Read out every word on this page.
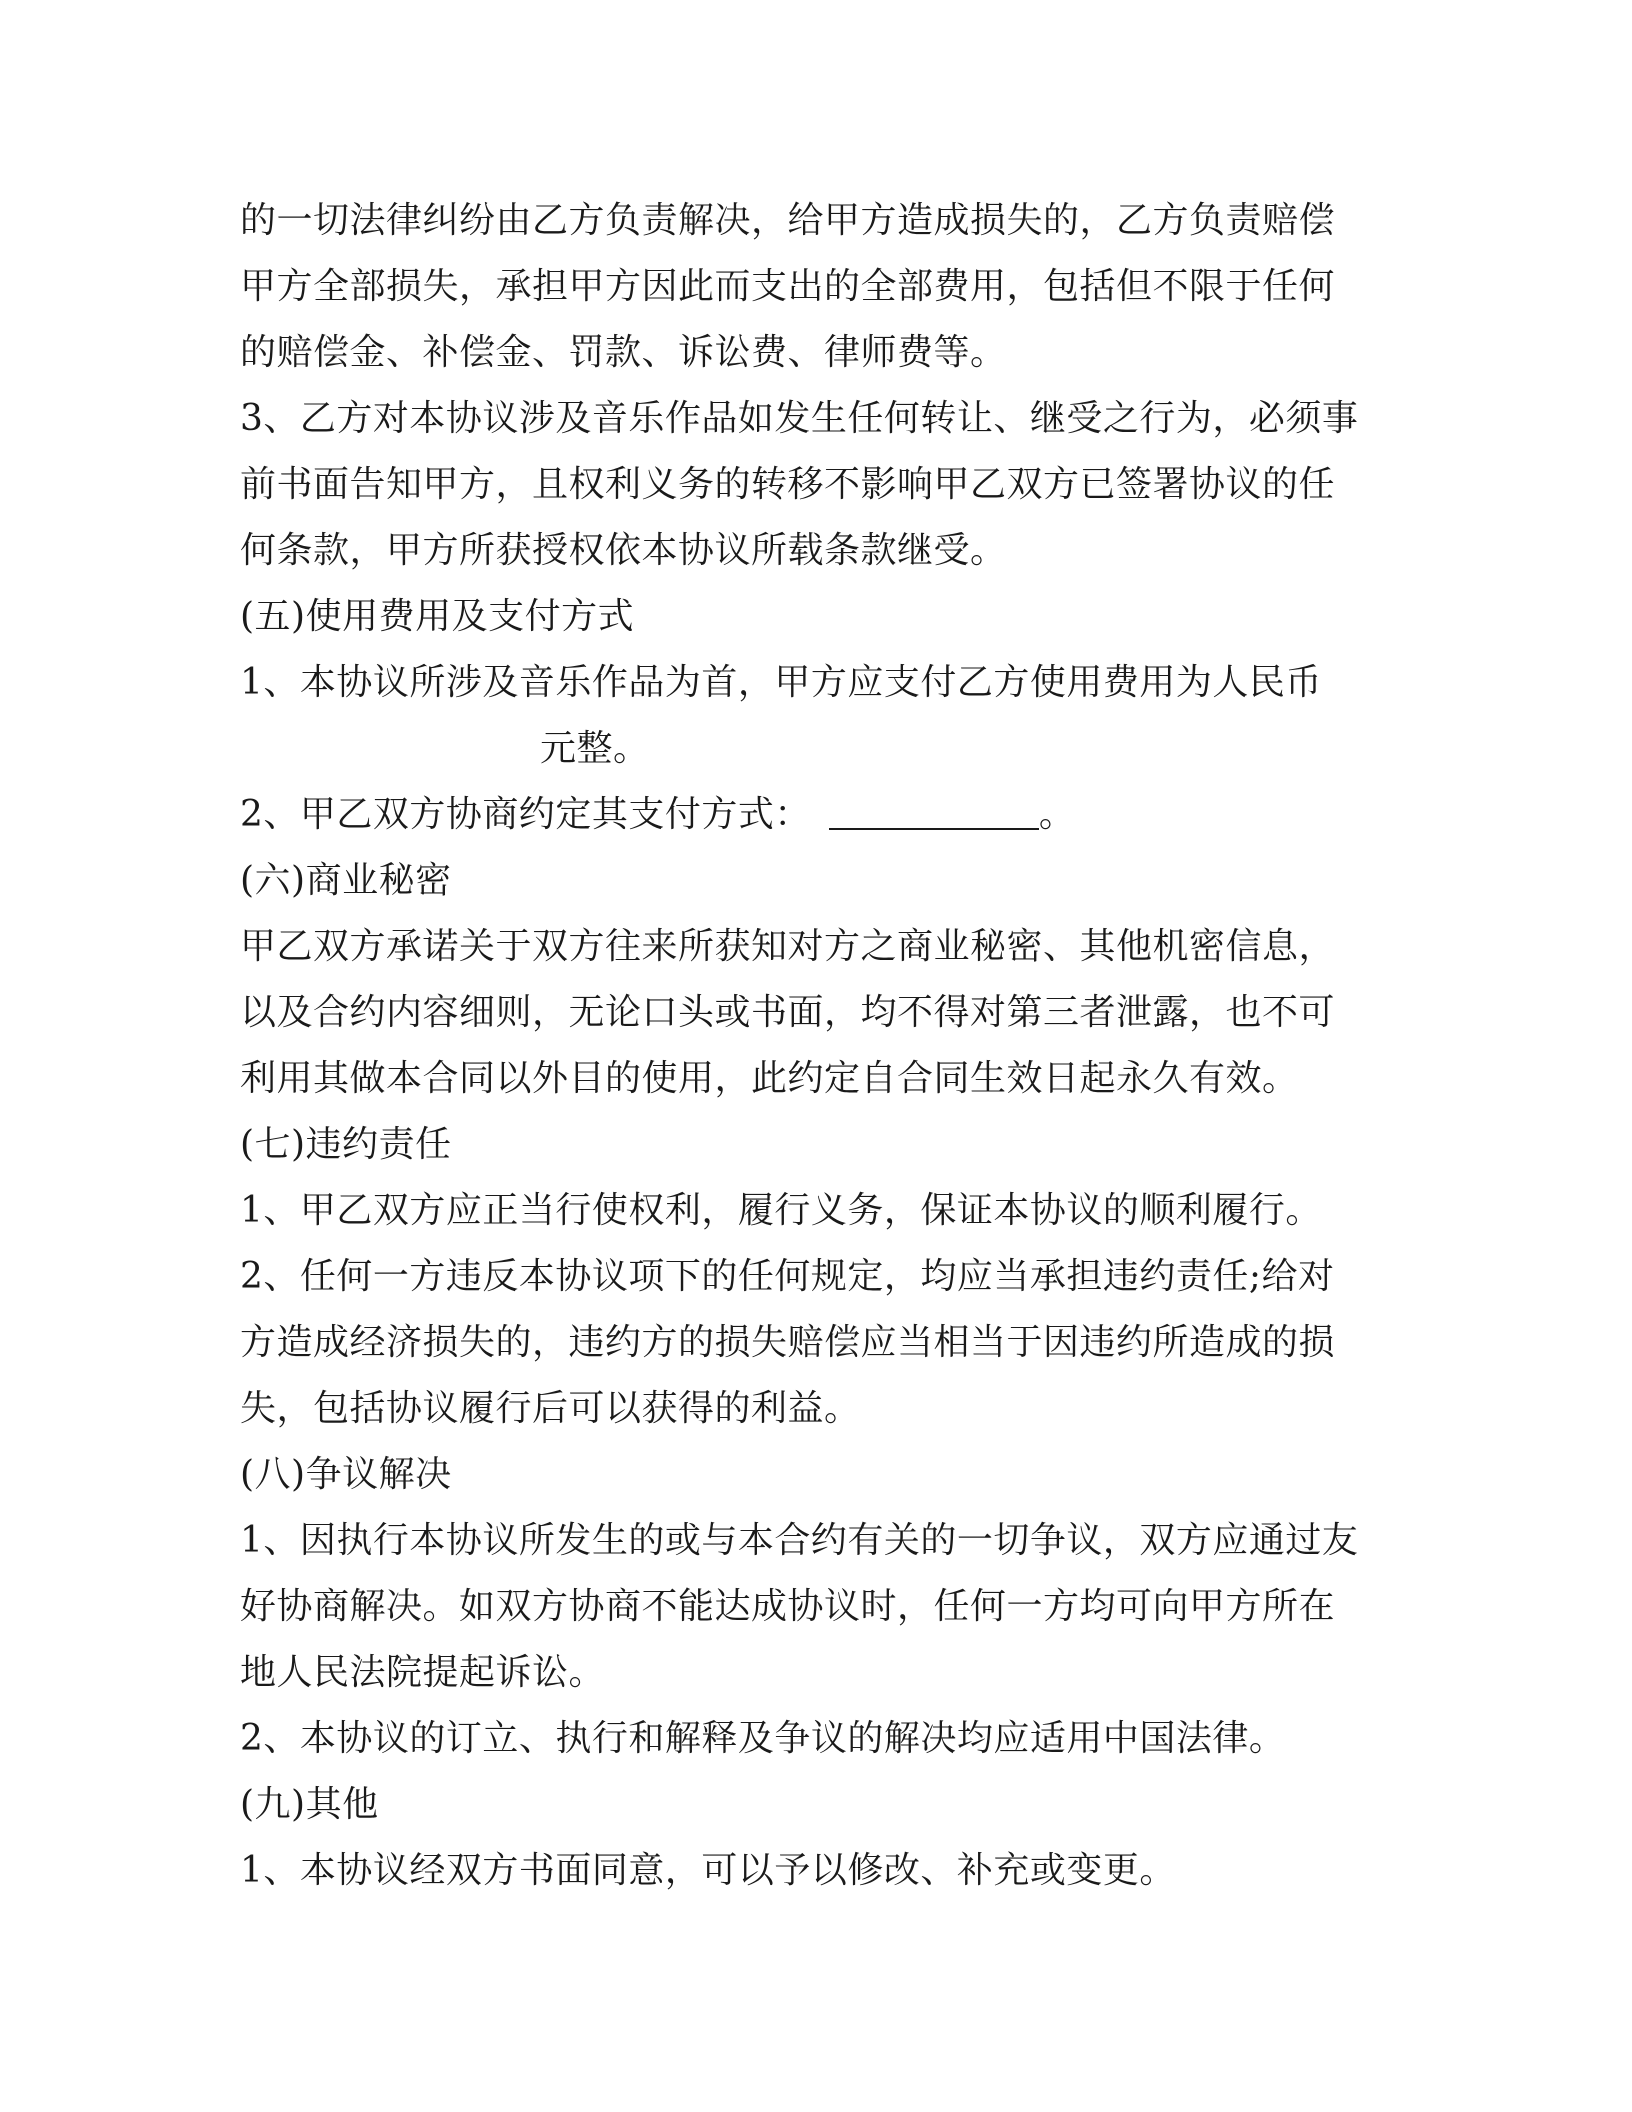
的一切法律纠纷由乙方负责解决，给甲方造成损失的，乙方负责赔偿
甲方全部损失，承担甲方因此而支出的全部费用，包括但不限于任何
的赔偿金、补偿金、罚款、诉讼费、律师费等。
3、乙方对本协议涉及音乐作品如发生任何转让、继受之行为，必须事
前书面告知甲方，且权利义务的转移不影响甲乙双方已签署协议的任
何条款，甲方所获授权依本协议所载条款继受。
(五)使用费用及支付方式
1、本协议所涉及音乐作品为首，甲方应支付乙方使用费用为人民币
元整。
2、甲乙双方协商约定其支付方式：	。
(六)商业秘密
甲乙双方承诺关于双方往来所获知对方之商业秘密、其他机密信息，
以及合约内容细则，无论口头或书面，均不得对第三者泄露，也不可
利用其做本合同以外目的使用，此约定自合同生效日起永久有效。
(七)违约责任
1、甲乙双方应正当行使权利，履行义务，保证本协议的顺利履行。
2、任何一方违反本协议项下的任何规定，均应当承担违约责任;给对
方造成经济损失的，违约方的损失赔偿应当相当于因违约所造成的损
失，包括协议履行后可以获得的利益。
(八)争议解决
1、因执行本协议所发生的或与本合约有关的一切争议，双方应通过友
好协商解决。如双方协商不能达成协议时，任何一方均可向甲方所在
地人民法院提起诉讼。
2、本协议的订立、执行和解释及争议的解决均应适用中国法律。
(九)其他
1、本协议经双方书面同意，可以予以修改、补充或变更。
